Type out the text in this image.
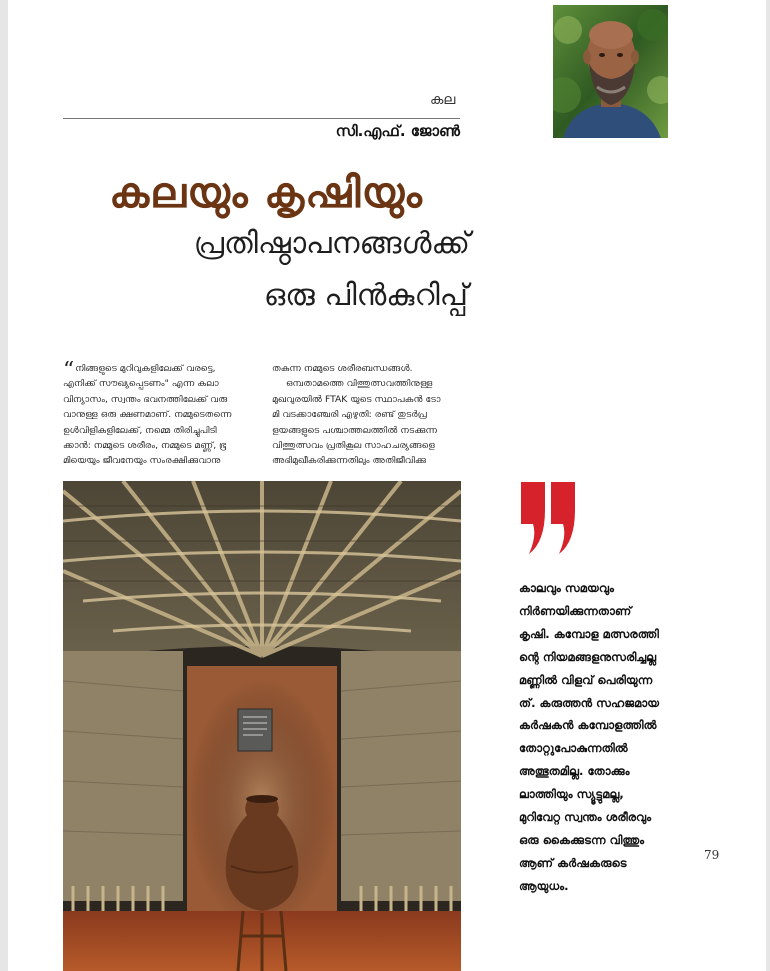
കല
സി.എഫ്. ജോൺ
കലയും കൃഷിയും
പ്രതിഷ്ഠാപനങ്ങൾക്ക്
ഒരു പിൻകുറിപ്പ്
“നിങ്ങളുടെ മുറിവുകളിലേക്ക് വരട്ടെ,
എനിക്ക് സൗഖ്യപ്പെടണം" എന്ന കലാ
വിന്യാസം, സ്വന്തം ഭവനത്തിലേക്ക് വരു
വാനുള്ള ഒരു ക്ഷണമാണ്. നമ്മുടെതന്നെ
ഉൾവിളികളിലേക്ക്, നമ്മെ തിരിച്ചുപിടി
ക്കാൻ: നമ്മുടെ ശരീരം, നമ്മുടെ മണ്ണ്, ഭൂ
മിയെയും ജീവനേയും സംരക്ഷിക്കുവാനു
തകുന്ന നമ്മുടെ ശരീരബന്ധങ്ങൾ.
ഒമ്പതാമത്തെ വിത്തുത്സവത്തിനുള്ള
മുഖവുരയിൽ FTAK യുടെ സ്ഥാപകൻ ടോ
മി വടക്കാഞ്ചേരി എഴുതി: രണ്ട് തുടർപ്ര
ളയങ്ങളുടെ പശ്ചാത്തലത്തിൽ നടക്കുന്ന
വിത്തുത്സവം പ്രതികൂല സാഹചര്യങ്ങളെ
അഭിമുഖീകരിക്കുന്നതിലും അതിജീവിക്കു
കാലവും സമയവും
നിർണയിക്കുന്നതാണ്
കൃഷി. കമ്പോള മത്സരത്തി
ന്റെ നിയമങ്ങളനുസരിച്ചല്ല
മണ്ണിൽ വിളവ് പെരിയുന്ന
ത്. കരുത്തൻ സഹജമായ
കർഷകൻ കമ്പോളത്തിൽ
തോറ്റുപോകുന്നതിൽ
അത്ഭുതമില്ല. തോക്കും
ലാത്തിയും സ്യൂട്ടുമല്ല,
മുറിവേറ്റ സ്വന്തം ശരീരവും
ഒരു കൈക്കുടന്ന വിത്തും
ആണ് കർഷകരുടെ
ആയുധം.
79
